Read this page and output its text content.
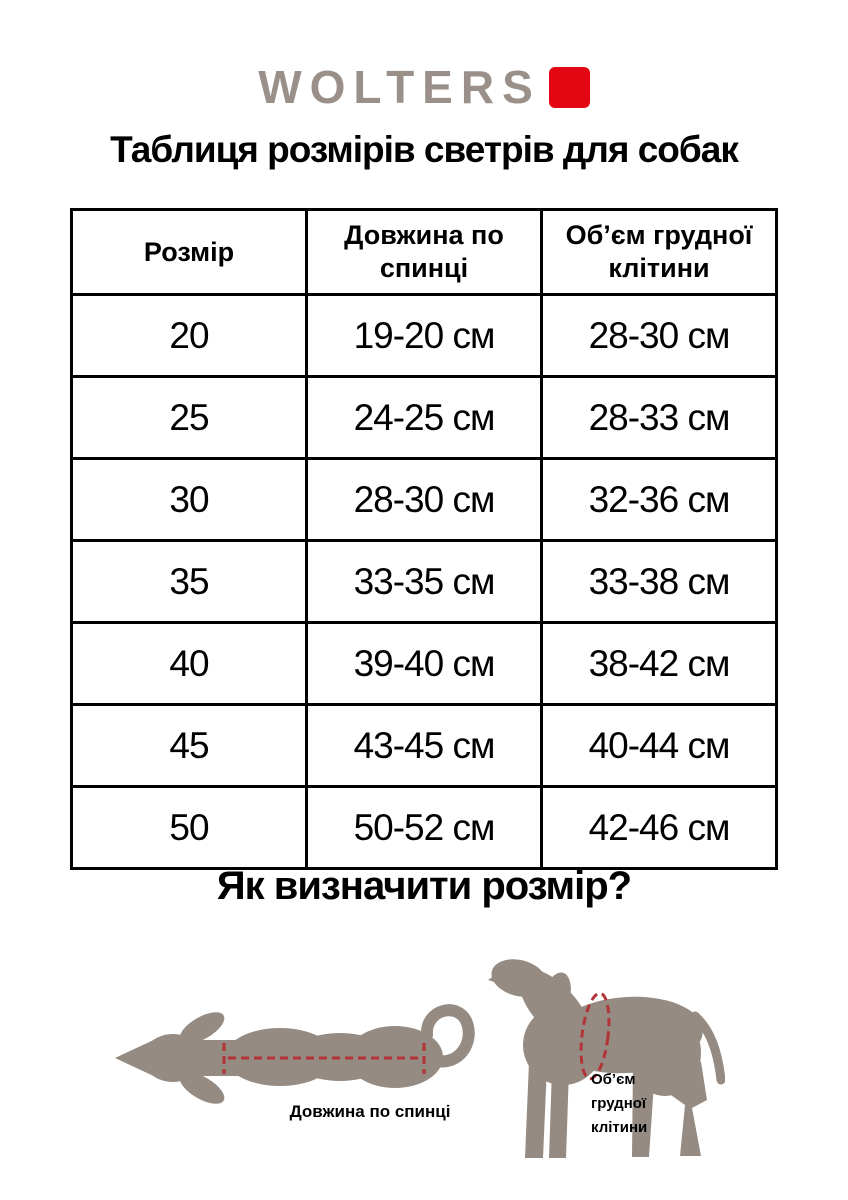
WOLTERS
Таблиця розмірів светрів для собак
Розмір	Довжина по спинці	Об’єм грудної клітини
20	19-20 см	28-30 см
25	24-25 см	28-33 см
30	28-30 см	32-36 см
35	33-35 см	33-38 см
40	39-40 см	38-42 см
45	43-45 см	40-44 см
50	50-52 см	42-46 см
Як визначити розмір?
Довжина по спинці
Об’єм грудної клітини
